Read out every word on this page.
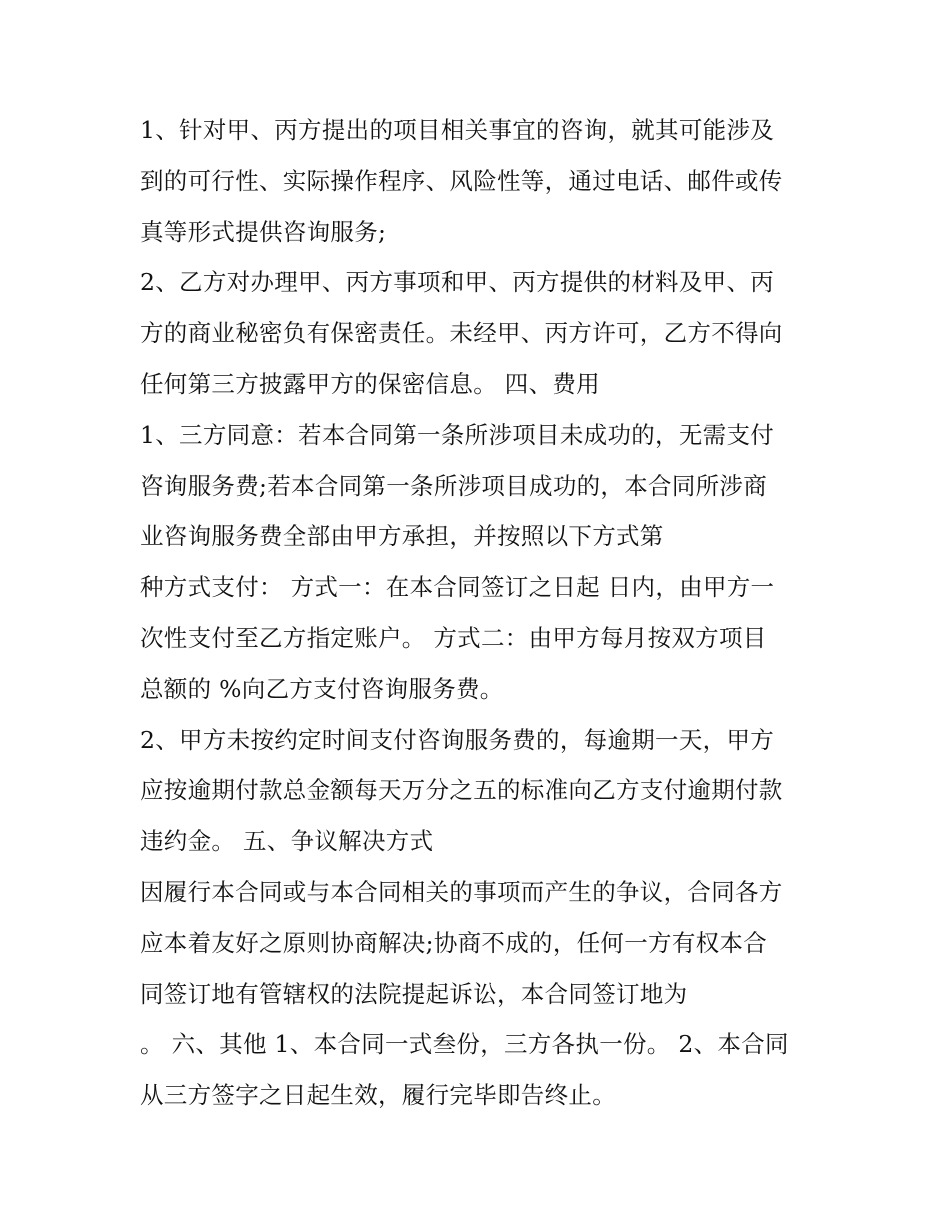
1、针对甲、丙方提出的项目相关事宜的咨询，就其可能涉及
到的可行性、实际操作程序、风险性等，通过电话、邮件或传
真等形式提供咨询服务;
2、乙方对办理甲、丙方事项和甲、丙方提供的材料及甲、丙
方的商业秘密负有保密责任。未经甲、丙方许可，乙方不得向
任何第三方披露甲方的保密信息。 四、费用
1、三方同意：若本合同第一条所涉项目未成功的，无需支付
咨询服务费;若本合同第一条所涉项目成功的，本合同所涉商
业咨询服务费全部由甲方承担，并按照以下方式第
种方式支付： 方式一：在本合同签订之日起 日内，由甲方一
次性支付至乙方指定账户。 方式二：由甲方每月按双方项目
总额的 %向乙方支付咨询服务费。
2、甲方未按约定时间支付咨询服务费的，每逾期一天，甲方
应按逾期付款总金额每天万分之五的标准向乙方支付逾期付款
违约金。 五、争议解决方式
因履行本合同或与本合同相关的事项而产生的争议，合同各方
应本着友好之原则协商解决;协商不成的，任何一方有权本合
同签订地有管辖权的法院提起诉讼，本合同签订地为
。 六、其他 1、本合同一式叁份，三方各执一份。 2、本合同
从三方签字之日起生效，履行完毕即告终止。
